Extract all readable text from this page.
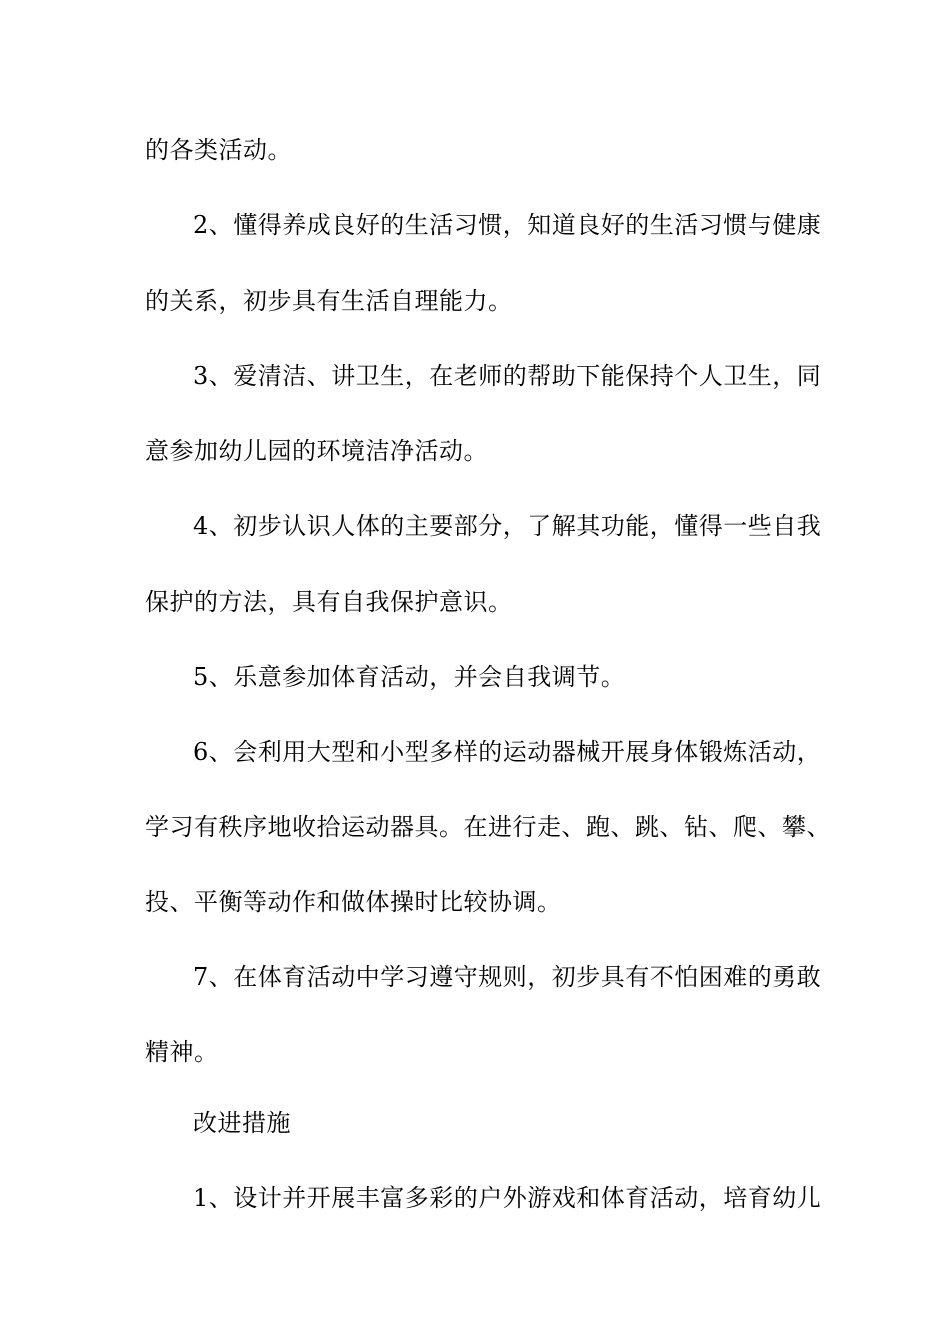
的各类活动。
2、懂得养成良好的生活习惯，知道良好的生活习惯与健康
的关系，初步具有生活自理能力。
3、爱清洁、讲卫生，在老师的帮助下能保持个人卫生，同
意参加幼儿园的环境洁净活动。
4、初步认识人体的主要部分，了解其功能，懂得一些自我
保护的方法，具有自我保护意识。
5、乐意参加体育活动，并会自我调节。
6、会利用大型和小型多样的运动器械开展身体锻炼活动，
学习有秩序地收拾运动器具。在进行走、跑、跳、钻、爬、攀、
投、平衡等动作和做体操时比较协调。
7、在体育活动中学习遵守规则，初步具有不怕困难的勇敢
精神。
改进措施
1、设计并开展丰富多彩的户外游戏和体育活动，培育幼儿
